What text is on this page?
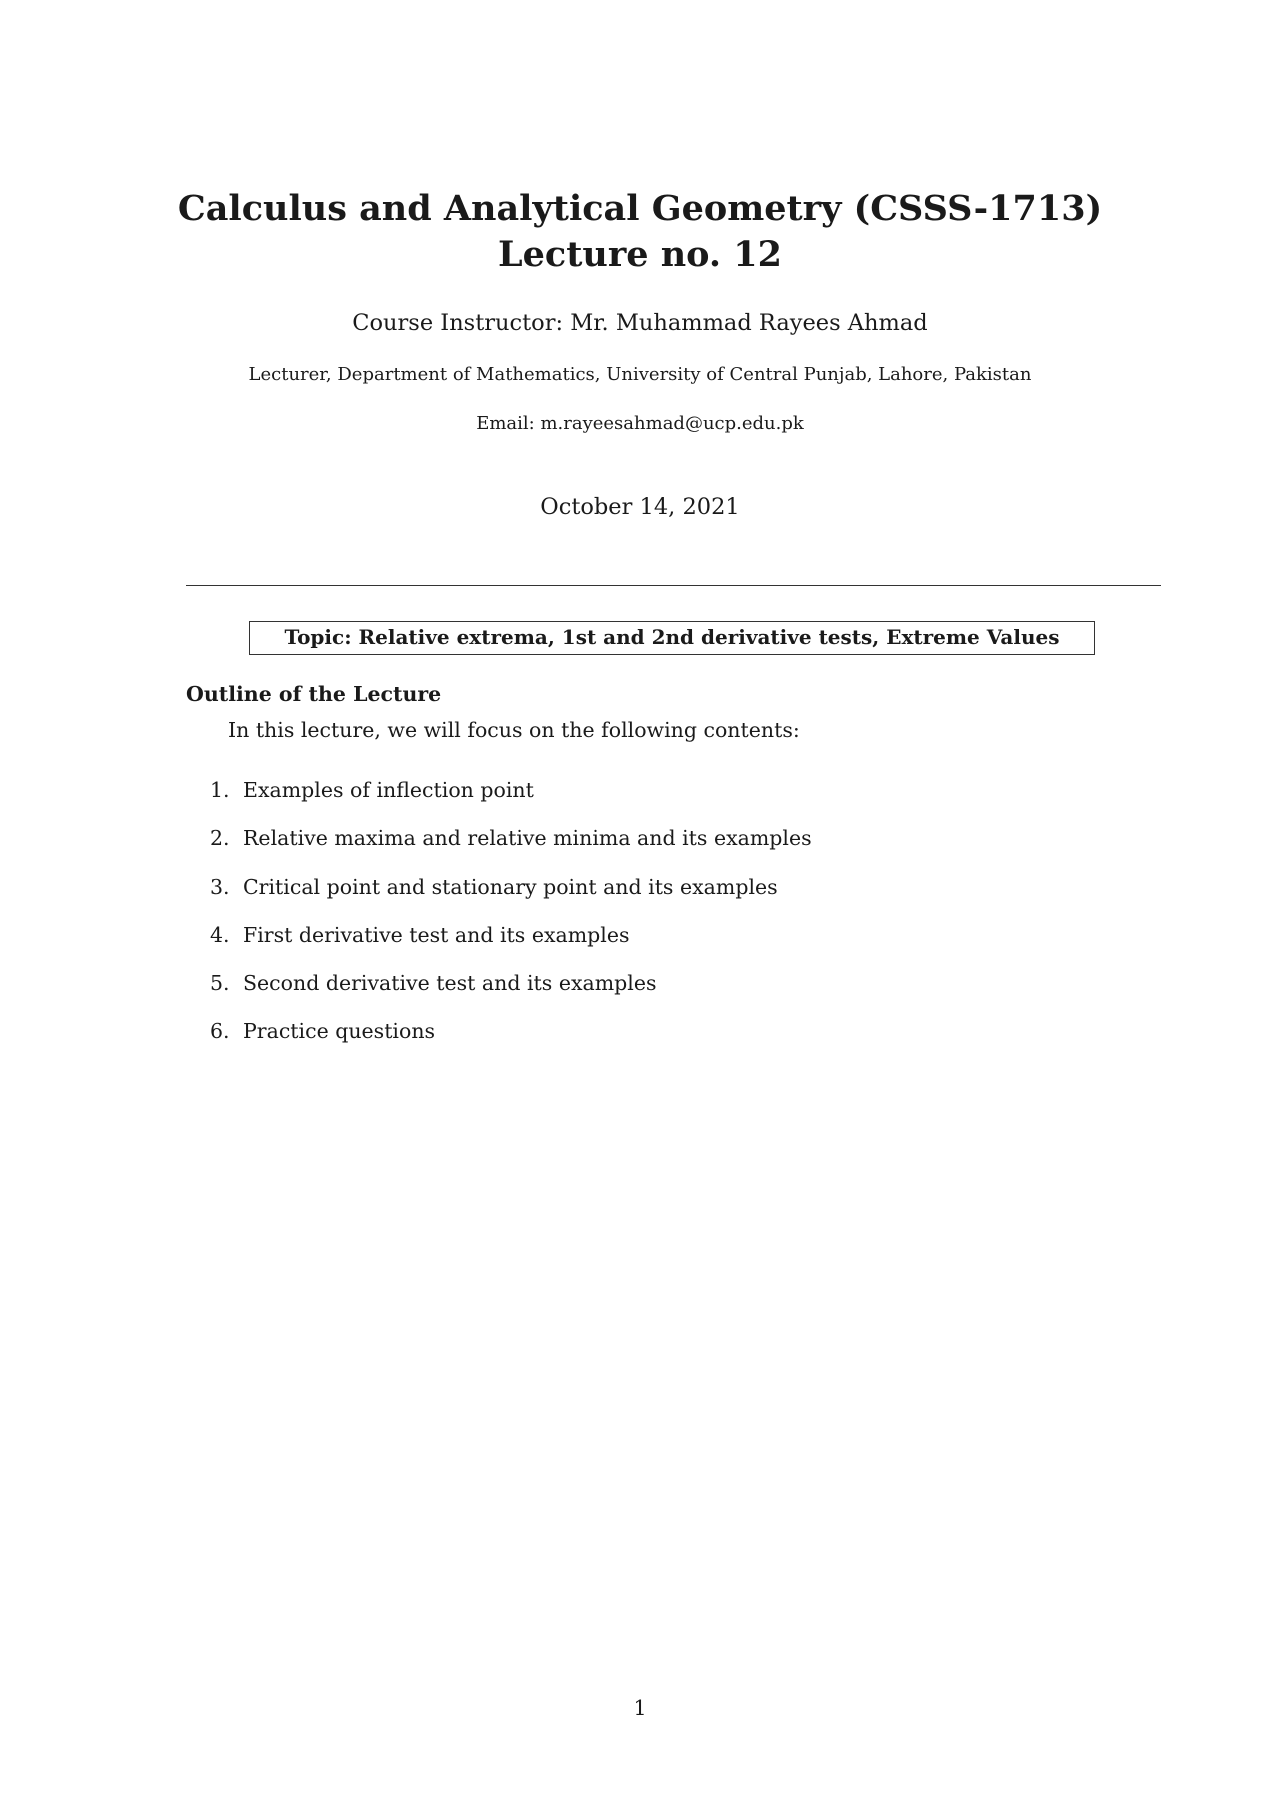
Calculus and Analytical Geometry (CSSS-1713)

Lecture no. 12

Course Instructor: Mr. Muhammad Rayees Ahmad
Lecturer, Department of Mathematics, University of Central Punjab, Lahore, Pakistan
Email: m.rayeesahmad@ucp.edu.pk
October 14, 2021
Topic: Relative extrema, 1st and 2nd derivative tests, Extreme Values
Outline of the Lecture
In this lecture, we will focus on the following contents:
1. Examples of inflection point
2. Relative maxima and relative minima and its examples
3. Critical point and stationary point and its examples
4. First derivative test and its examples
5. Second derivative test and its examples
6. Practice questions
1
